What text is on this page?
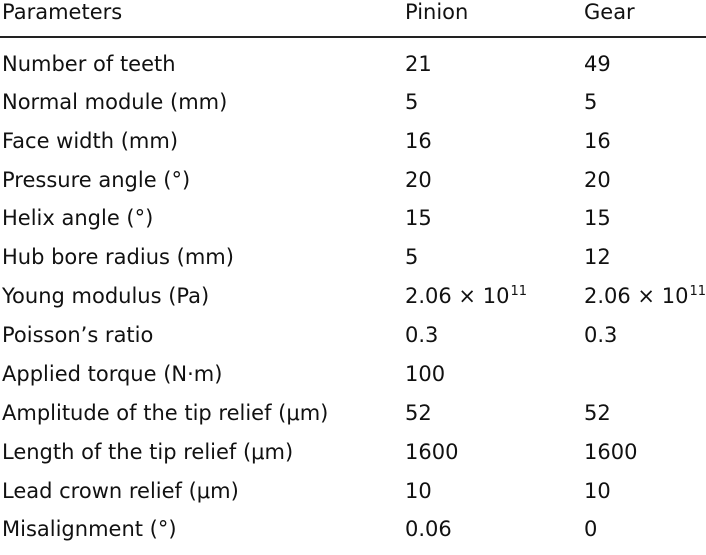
Parameters	Pinion	Gear
Number of teeth	21	49
Normal module (mm)	5	5
Face width (mm)	16	16
Pressure angle (°)	20	20
Helix angle (°)	15	15
Hub bore radius (mm)	5	12
Young modulus (Pa)	$2.06 \times 10^{11}$	$2.06 \times 10^{11}$
Poisson’s ratio	0.3	0.3
Applied torque (N·m)	100
Amplitude of the tip relief (μm)	52	52
Length of the tip relief (μm)	1600	1600
Lead crown relief (μm)	10	10
Misalignment (°)	0.06	0
